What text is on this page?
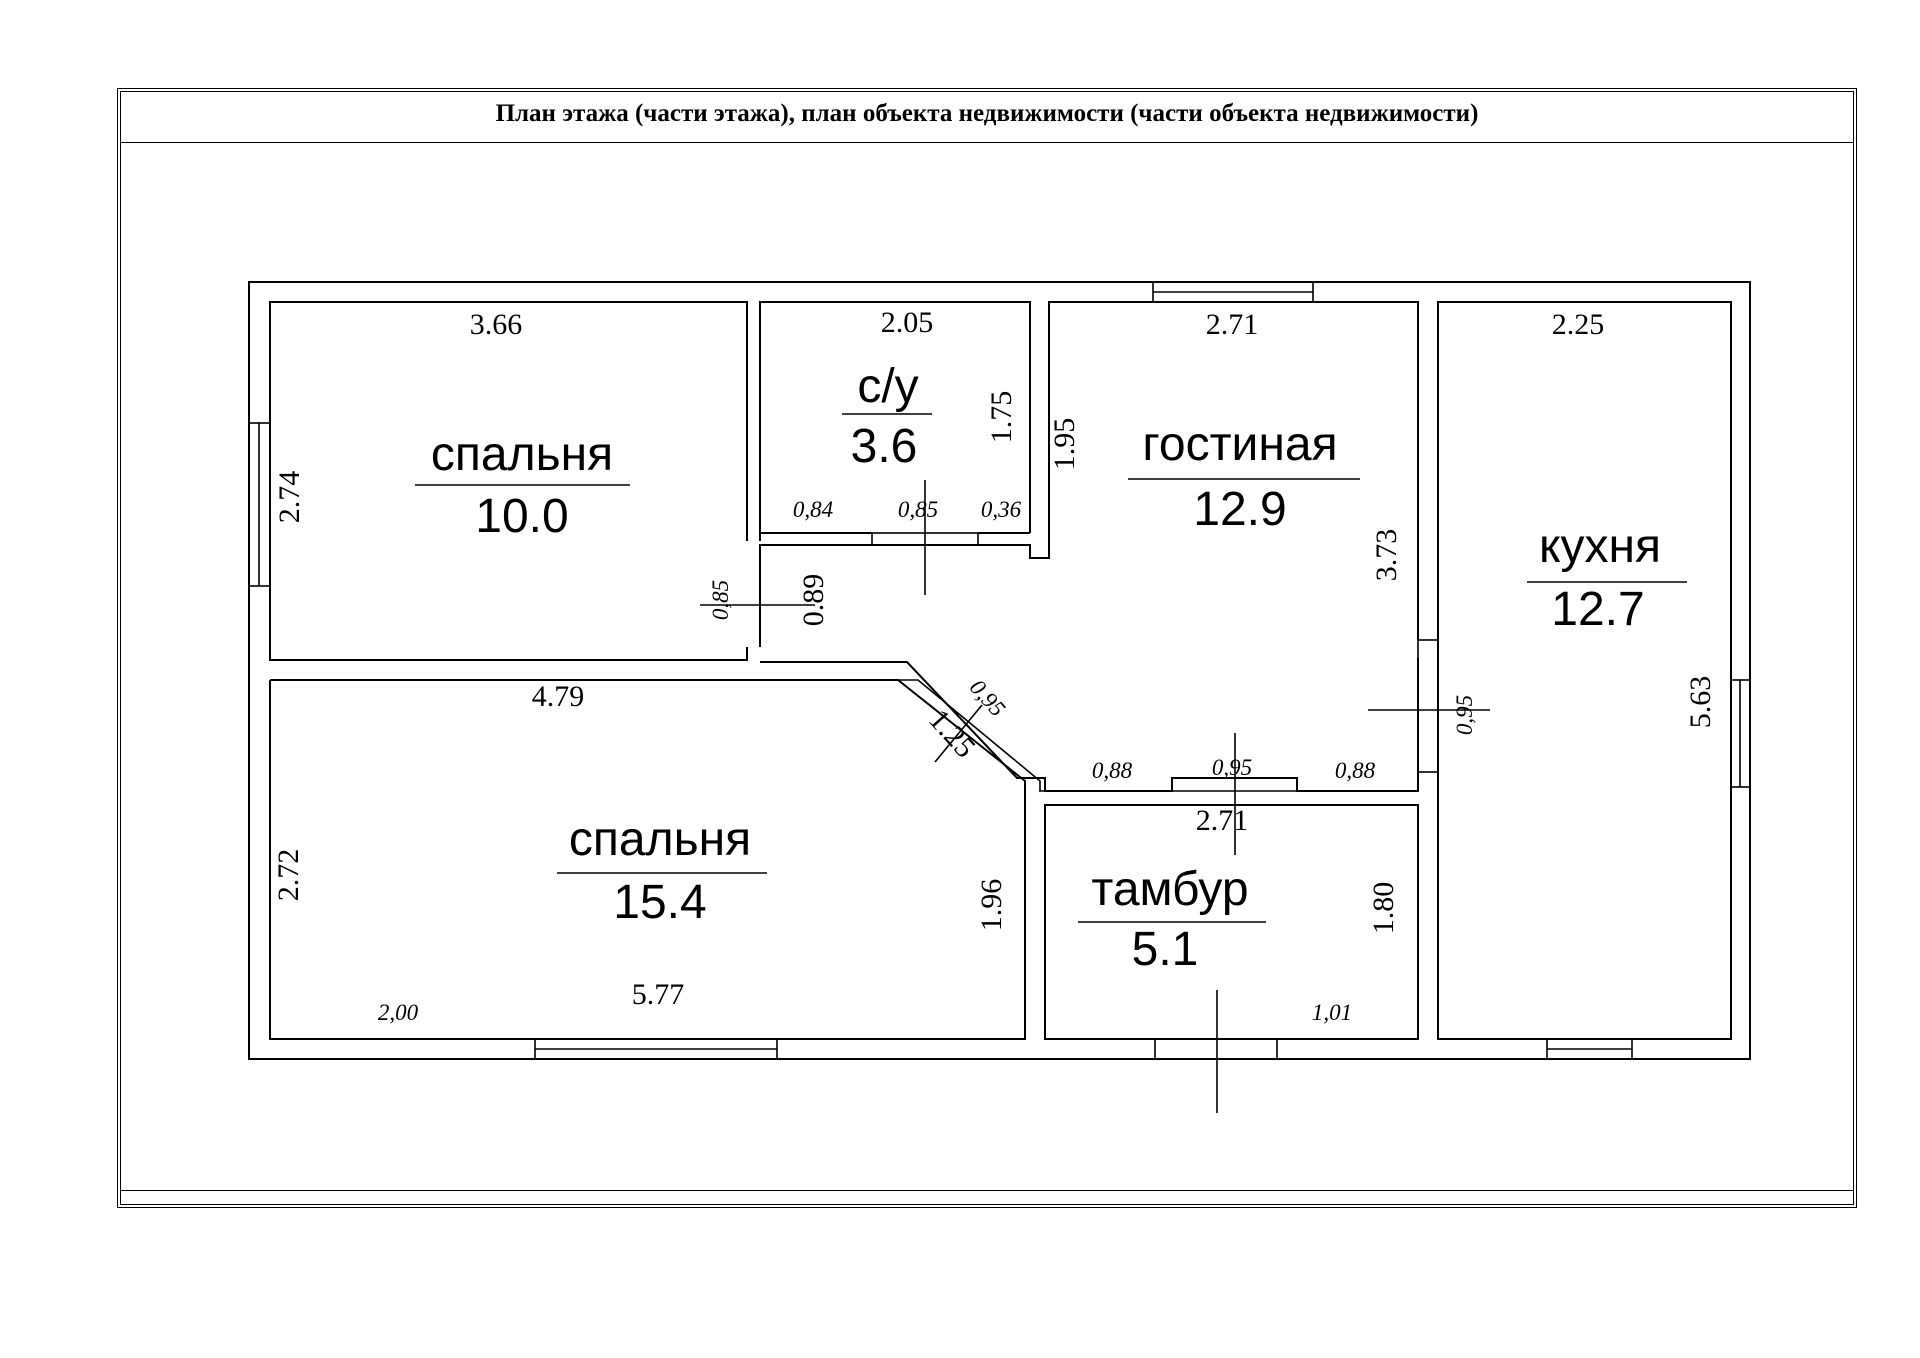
План этажа (части этажа), план объекта недвижимости (части объекта недвижимости)
спальня
10.0
с/у
3.6	гостиная
12.9
кухня
12.7
спальня
15.4	тамбур
5.1
3.66	2.05	2.71	2.25
4.79
5.77
2.71
2.74
1.75
1.95
3.73
5.63
0.89
2.72
1.96	1.80
1.25
0,84	0,85 0,36
0,85
0,95
0,88	0,95	0,88
0,95
2,00	1,01
